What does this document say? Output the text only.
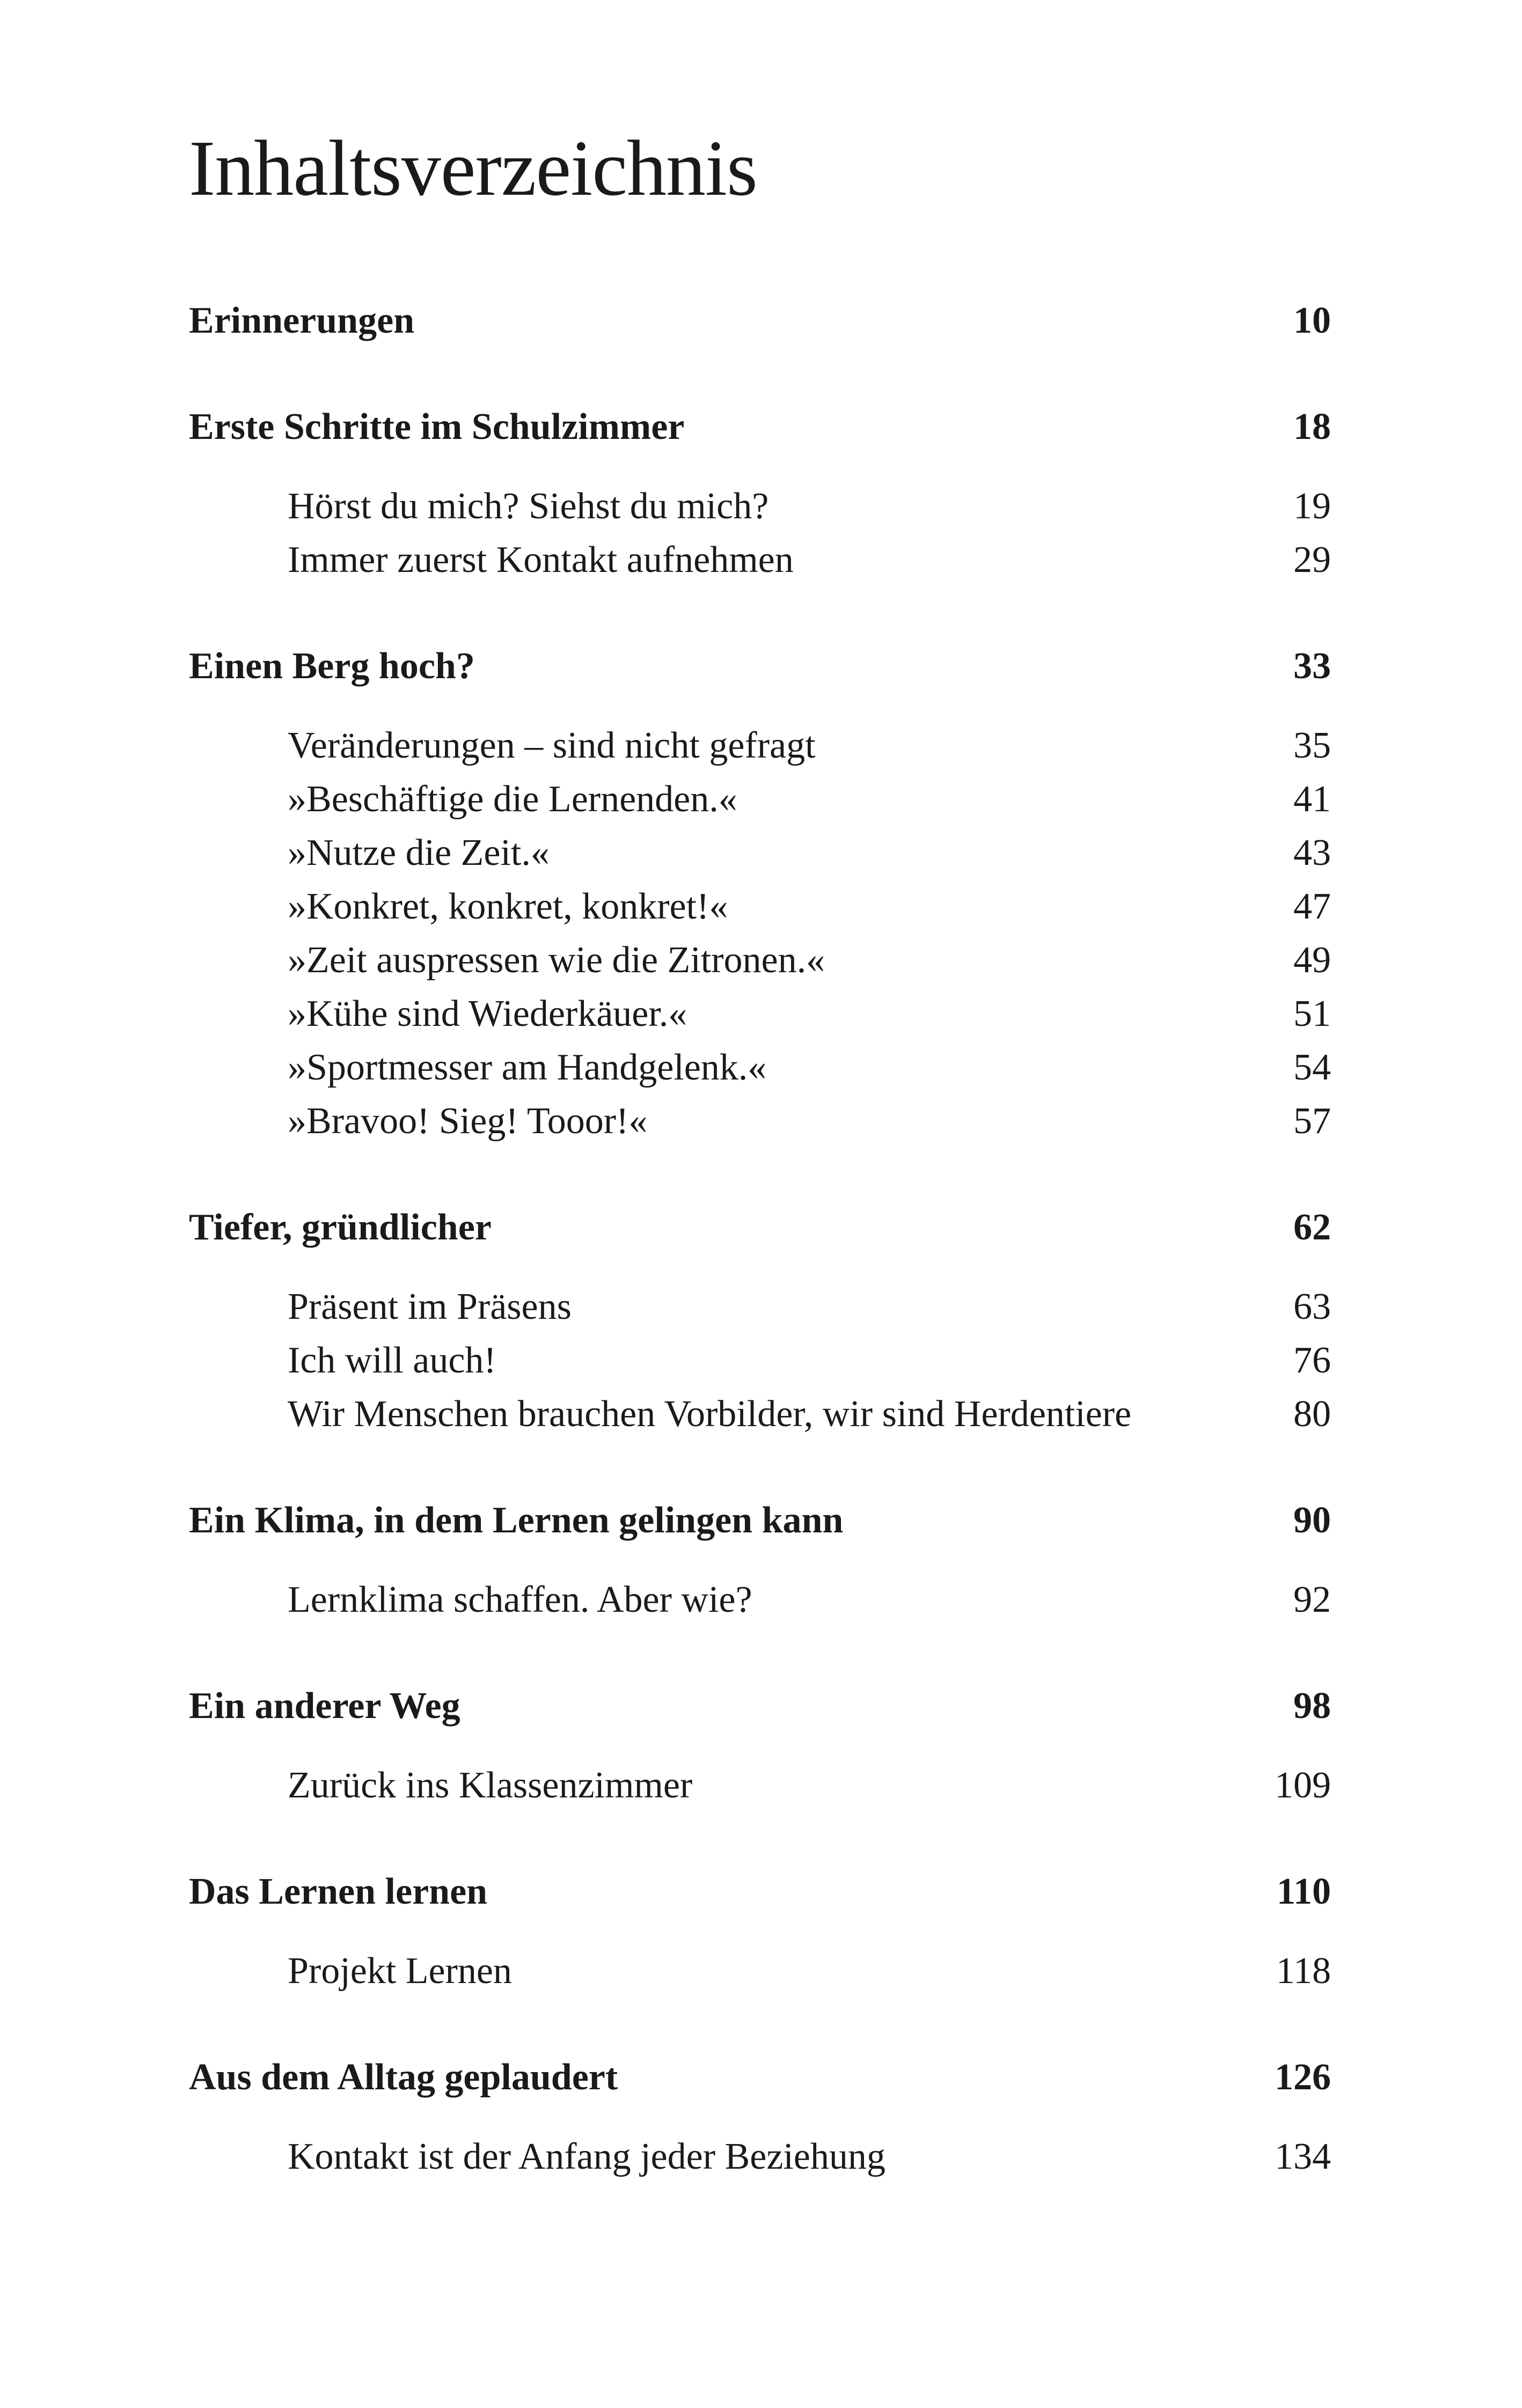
Inhaltsverzeichnis
Erinnerungen	10
Erste Schritte im Schulzimmer	18
Hörst du mich? Siehst du mich?	19
Immer zuerst Kontakt aufnehmen	29
Einen Berg hoch?	33
Veränderungen – sind nicht gefragt	35
»Beschäftige die Lernenden.«	41
»Nutze die Zeit.«	43
»Konkret, konkret, konkret!«	47
»Zeit auspressen wie die Zitronen.«	49
»Kühe sind Wiederkäuer.«	51
»Sportmesser am Handgelenk.«	54
»Bravoo! Sieg! Tooor!«	57
Tiefer, gründlicher	62
Präsent im Präsens	63
Ich will auch!	76
Wir Menschen brauchen Vorbilder, wir sind Herdentiere	80
Ein Klima, in dem Lernen gelingen kann	90
Lernklima schaffen. Aber wie?	92
Ein anderer Weg	98
Zurück ins Klassenzimmer	109
Das Lernen lernen	110
Projekt Lernen	118
Aus dem Alltag geplaudert	126
Kontakt ist der Anfang jeder Beziehung	134
